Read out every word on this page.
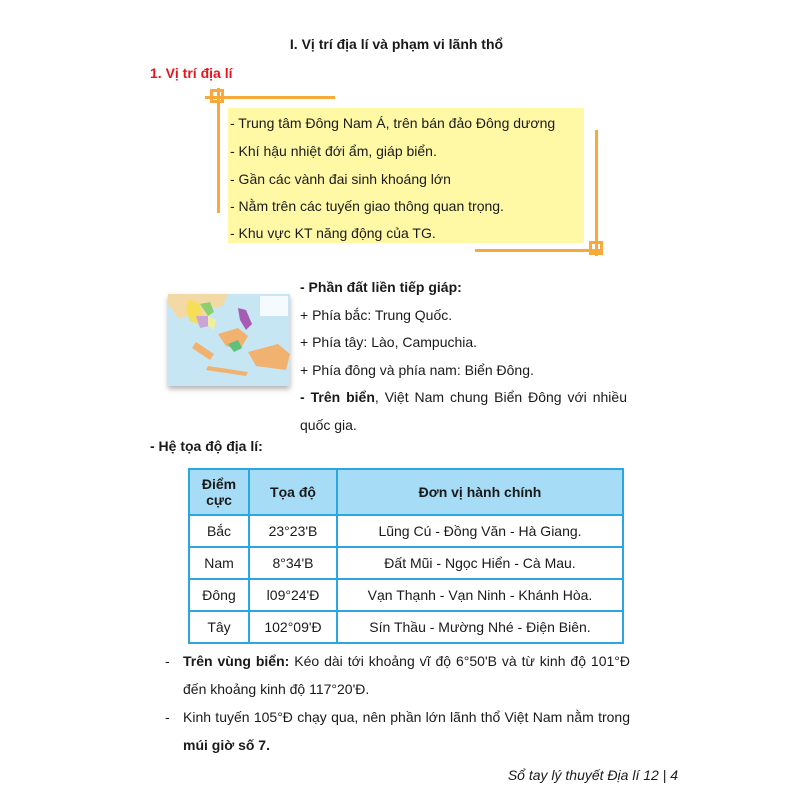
I. Vị trí địa lí và phạm vi lãnh thổ
1. Vị trí địa lí
- Trung tâm Đông Nam Á, trên bán đảo Đông dương
- Khí hậu nhiệt đới ẩm, giáp biển.
- Gần các vành đai sinh khoáng lớn
- Nằm trên các tuyến giao thông quan trọng.
- Khu vực KT năng động của TG.
- Phần đất liền tiếp giáp:
+ Phía bắc: Trung Quốc.
+ Phía tây: Lào, Campuchia.
+ Phía đông và phía nam: Biển Đông.
- Trên biển, Việt Nam chung Biển Đông với nhiều quốc gia.
- Hệ tọa độ địa lí:
Điểm cực	Tọa độ	Đơn vị hành chính
Bắc	23°23'B	Lũng Cú - Đồng Văn - Hà Giang.
Nam	8°34'B	Đất Mũi - Ngọc Hiển - Cà Mau.
Đông	l09°24'Đ	Vạn Thạnh - Vạn Ninh - Khánh Hòa.
Tây	102°09'Đ	Sín Thầu - Mường Nhé - Điện Biên.
- Trên vùng biển: Kéo dài tới khoảng vĩ độ 6°50'B và từ kinh độ 101°Đ đến khoảng kinh độ 117°20'Đ.
- Kinh tuyến 105°Đ chạy qua, nên phần lớn lãnh thổ Việt Nam nằm trong múi giờ số 7.
Sổ tay lý thuyết Địa lí 12 | 4
